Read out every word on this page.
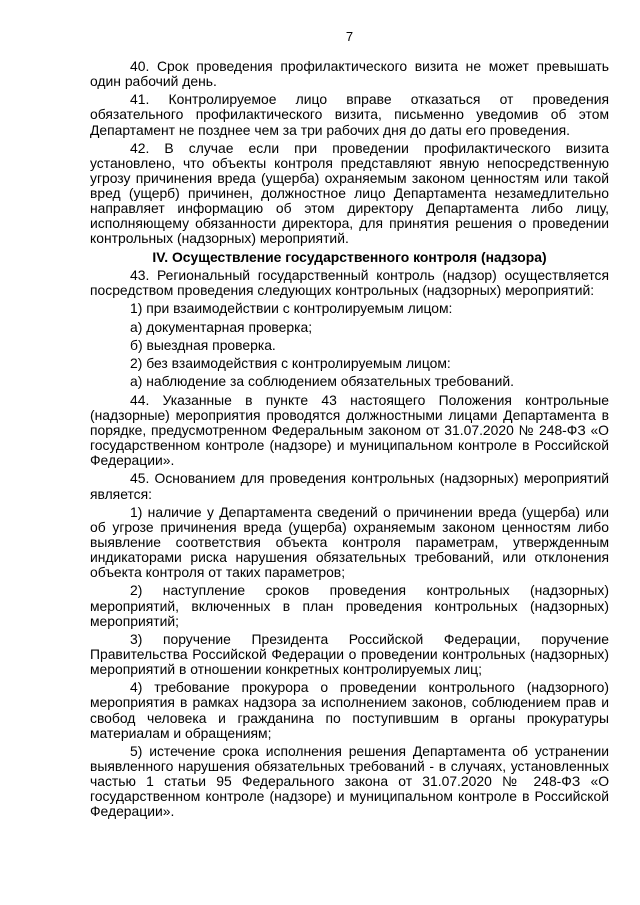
7

40. Срок проведения профилактического визита не может превышать один рабочий день.

41. Контролируемое лицо вправе отказаться от проведения обязательного профилактического визита, письменно уведомив об этом Департамент не позднее чем за три рабочих дня до даты его проведения.

42. В случае если при проведении профилактического визита установлено, что объекты контроля представляют явную непосредственную угрозу причинения вреда (ущерба) охраняемым законом ценностям или такой вред (ущерб) причинен, должностное лицо Департамента незамедлительно направляет информацию об этом директору Департамента либо лицу, исполняющему обязанности директора, для принятия решения о проведении контрольных (надзорных) мероприятий.

IV. Осуществление государственного контроля (надзора)

43. Региональный государственный контроль (надзор) осуществляется посредством проведения следующих контрольных (надзорных) мероприятий:

1) при взаимодействии с контролируемым лицом:

а) документарная проверка;

б) выездная проверка.

2) без взаимодействия с контролируемым лицом:

а) наблюдение за соблюдением обязательных требований.

44. Указанные в пункте 43 настоящего Положения контрольные (надзорные) мероприятия проводятся должностными лицами Департамента в порядке, предусмотренном Федеральным законом от 31.07.2020 № 248-ФЗ «О государственном контроле (надзоре) и муниципальном контроле в Российской Федерации».

45. Основанием для проведения контрольных (надзорных) мероприятий является:

1) наличие у Департамента сведений о причинении вреда (ущерба) или об угрозе причинения вреда (ущерба) охраняемым законом ценностям либо выявление соответствия объекта контроля параметрам, утвержденным индикаторами риска нарушения обязательных требований, или отклонения объекта контроля от таких параметров;

2) наступление сроков проведения контрольных (надзорных) мероприятий, включенных в план проведения контрольных (надзорных) мероприятий;

3) поручение Президента Российской Федерации, поручение Правительства Российской Федерации о проведении контрольных (надзорных) мероприятий в отношении конкретных контролируемых лиц;

4) требование прокурора о проведении контрольного (надзорного) мероприятия в рамках надзора за исполнением законов, соблюдением прав и свобод человека и гражданина по поступившим в органы прокуратуры материалам и обращениям;

5) истечение срока исполнения решения Департамента об устранении выявленного нарушения обязательных требований - в случаях, установленных частью 1 статьи 95 Федерального закона от 31.07.2020 № 248-ФЗ «О государственном контроле (надзоре) и муниципальном контроле в Российской Федерации».
